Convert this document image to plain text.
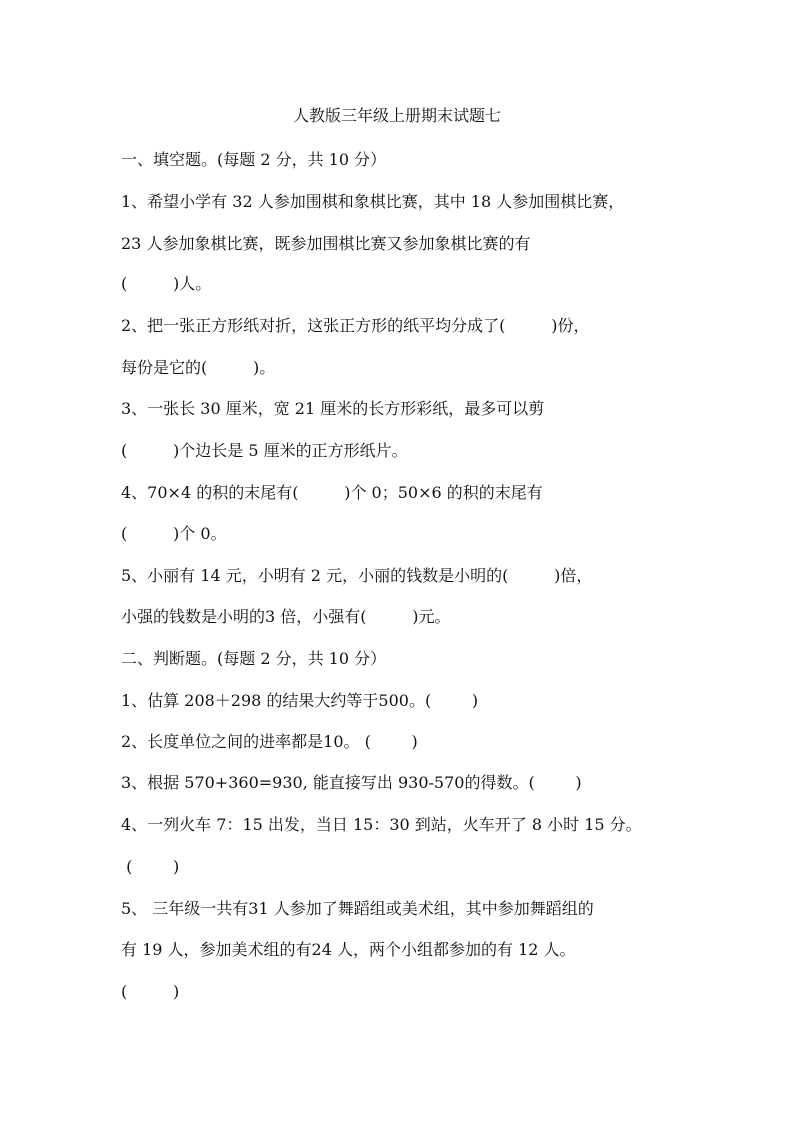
人教版三年级上册期末试题七
一、填空题。(每题 2 分，共 10 分）
1、希望小学有 32 人参加围棋和象棋比赛，其中 18 人参加围棋比赛，
23 人参加象棋比赛，既参加围棋比赛又参加象棋比赛的有
(         )人。
2、把一张正方形纸对折，这张正方形的纸平均分成了(         )份，
每份是它的(         )。
3、一张长 30 厘米，宽 21 厘米的长方形彩纸，最多可以剪
(         )个边长是 5 厘米的正方形纸片。
4、70×4 的积的末尾有(         )个 0；50×6 的积的末尾有
(         )个 0。
5、小丽有 14 元，小明有 2 元，小丽的钱数是小明的(         )倍，
小强的钱数是小明的3 倍，小强有(         )元。
二、判断题。(每题 2 分，共 10 分）
1、估算 208＋298 的结果大约等于500。(        )
2、长度单位之间的进率都是10。 (        )
3、根据 570+360=930, 能直接写出 930-570的得数。(        )
4、一列火车 7：15 出发，当日 15：30 到站，火车开了 8 小时 15 分。
(        )
5、 三年级一共有31 人参加了舞蹈组或美术组，其中参加舞蹈组的
有 19 人，参加美术组的有24 人，两个小组都参加的有 12 人。
(         )
